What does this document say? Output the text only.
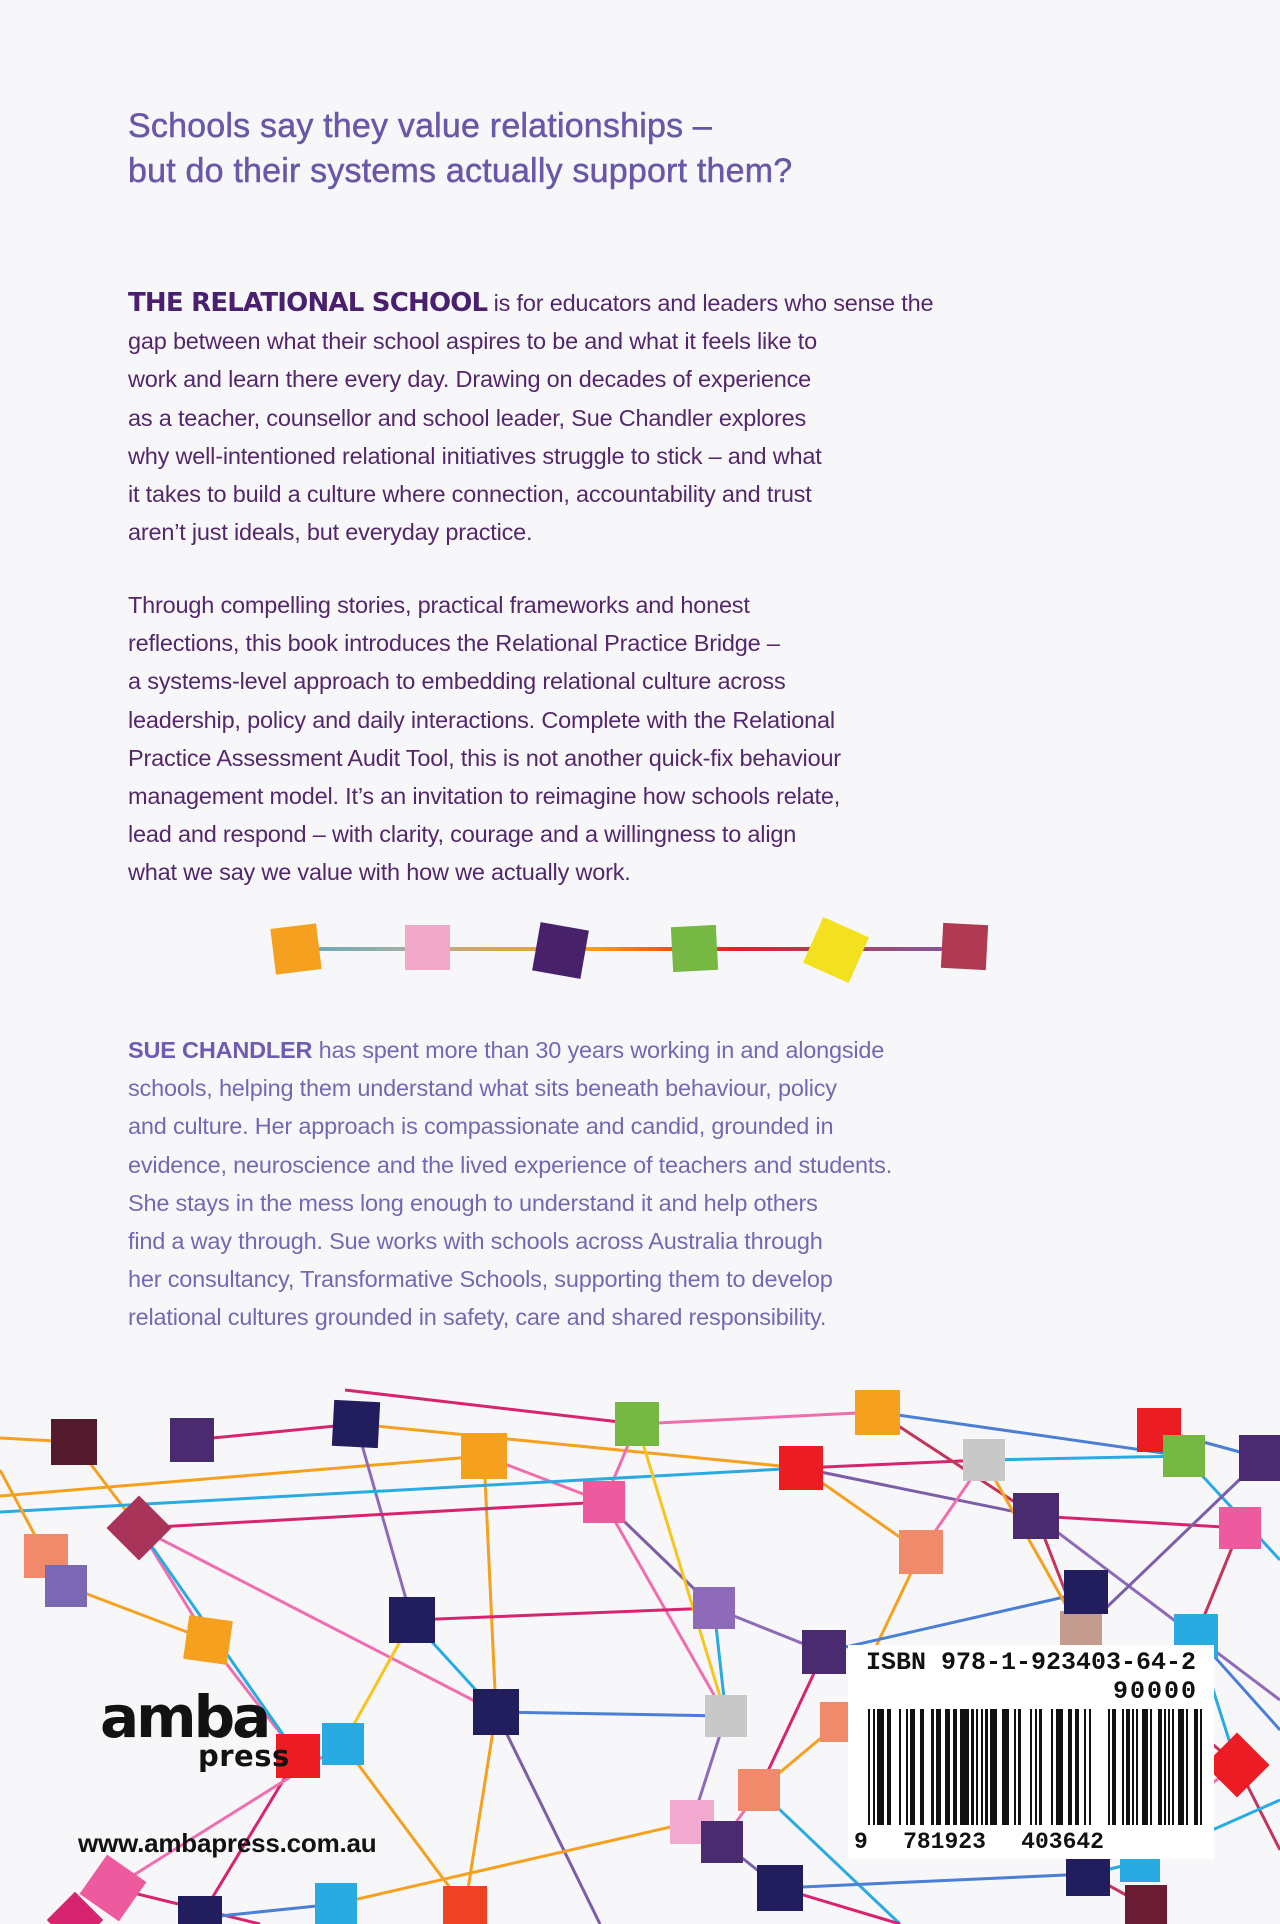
Schools say they value relationships –
but do their systems actually support them?
THE RELATIONAL SCHOOL is for educators and leaders who sense the
gap between what their school aspires to be and what it feels like to
work and learn there every day. Drawing on decades of experience
as a teacher, counsellor and school leader, Sue Chandler explores
why well-intentioned relational initiatives struggle to stick – and what
it takes to build a culture where connection, accountability and trust
aren’t just ideals, but everyday practice.
Through compelling stories, practical frameworks and honest
reflections, this book introduces the Relational Practice Bridge –
a systems-level approach to embedding relational culture across
leadership, policy and daily interactions. Complete with the Relational
Practice Assessment Audit Tool, this is not another quick-fix behaviour
management model. It’s an invitation to reimagine how schools relate,
lead and respond – with clarity, courage and a willingness to align
what we say we value with how we actually work.
SUE CHANDLER has spent more than 30 years working in and alongside
schools, helping them understand what sits beneath behaviour, policy
and culture. Her approach is compassionate and candid, grounded in
evidence, neuroscience and the lived experience of teachers and students.
She stays in the mess long enough to understand it and help others
find a way through. Sue works with schools across Australia through
her consultancy, Transformative Schools, supporting them to develop
relational cultures grounded in safety, care and shared responsibility.
amba
press
www.ambapress.com.au
ISBN 978-1-923403-64-2
90000
9 781923 403642
